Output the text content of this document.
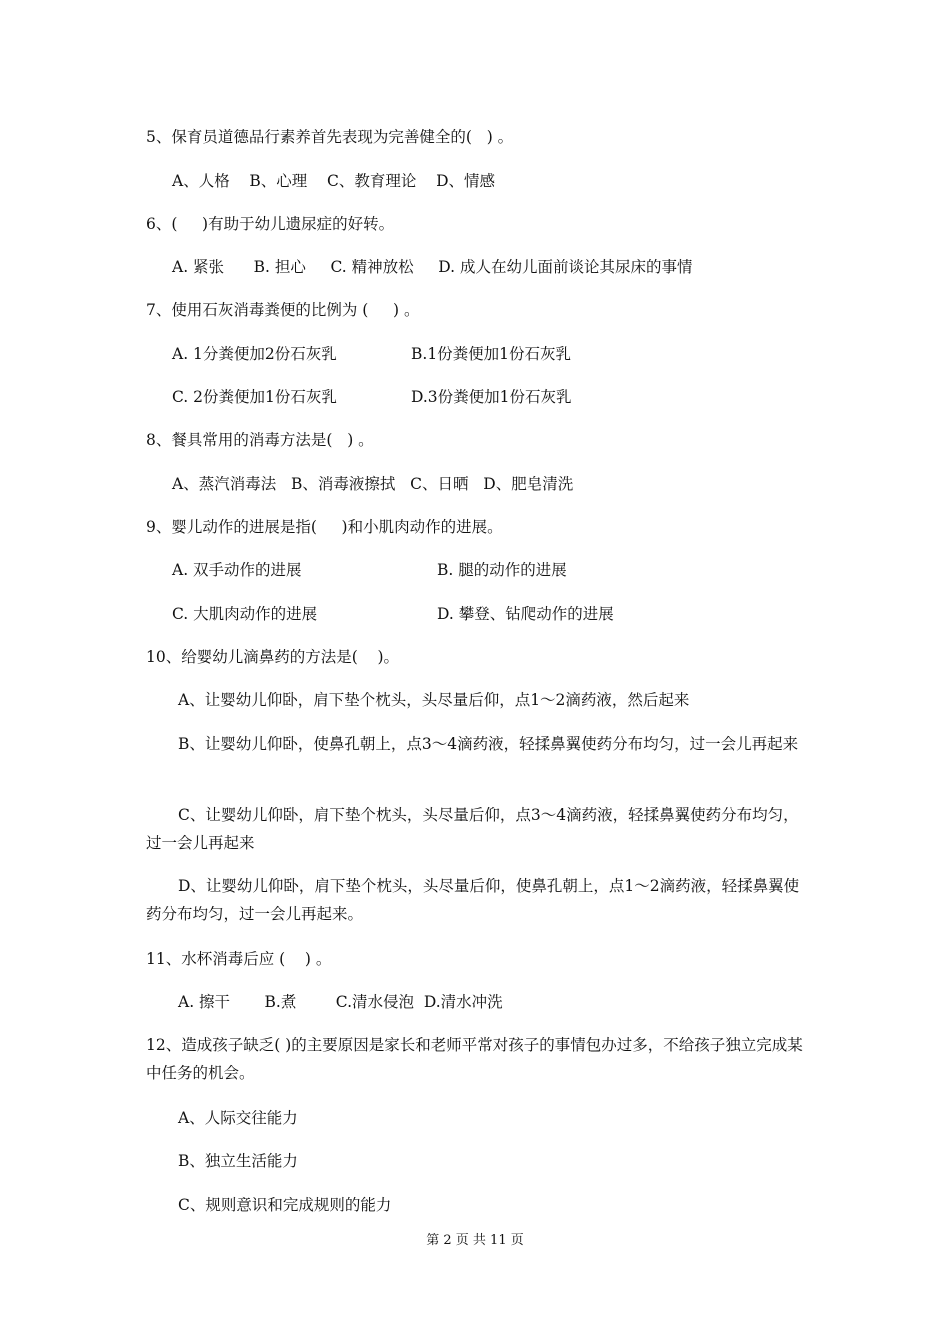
5、保育员道德品行素养首先表现为完善健全的(   ) 。
A、人格    B、心理    C、教育理论    D、情感
6、(     )有助于幼儿遗尿症的好转。
A. 紧张      B. 担心     C. 精神放松     D. 成人在幼儿面前谈论其尿床的事情
7、使用石灰消毒粪便的比例为 (     ) 。
A. 1分粪便加2份石灰乳	B.1份粪便加1份石灰乳
C. 2份粪便加1份石灰乳	D.3份粪便加1份石灰乳
8、餐具常用的消毒方法是(   ) 。
A、蒸汽消毒法   B、消毒液擦拭   C、日晒   D、肥皂清洗
9、婴儿动作的进展是指(     )和小肌肉动作的进展。
A. 双手动作的进展	B. 腿的动作的进展
C. 大肌肉动作的进展	D. 攀登、钻爬动作的进展
10、给婴幼儿滴鼻药的方法是(    )。
A、让婴幼儿仰卧，肩下垫个枕头，头尽量后仰，点1～2滴药液，然后起来
B、让婴幼儿仰卧，使鼻孔朝上，点3～4滴药液，轻揉鼻翼使药分布均匀，过一会儿再起来
C、让婴幼儿仰卧，肩下垫个枕头，头尽量后仰，点3～4滴药液，轻揉鼻翼使药分布均匀，过一会儿再起来
D、让婴幼儿仰卧，肩下垫个枕头，头尽量后仰，使鼻孔朝上，点1～2滴药液，轻揉鼻翼使药分布均匀，过一会儿再起来。
11、水杯消毒后应 (    ) 。
A. 擦干       B.煮        C.清水侵泡  D.清水冲洗
12、造成孩子缺乏( )的主要原因是家长和老师平常对孩子的事情包办过多，不给孩子独立完成某中任务的机会。
A、人际交往能力
B、独立生活能力
C、规则意识和完成规则的能力
第 2 页 共 11 页
